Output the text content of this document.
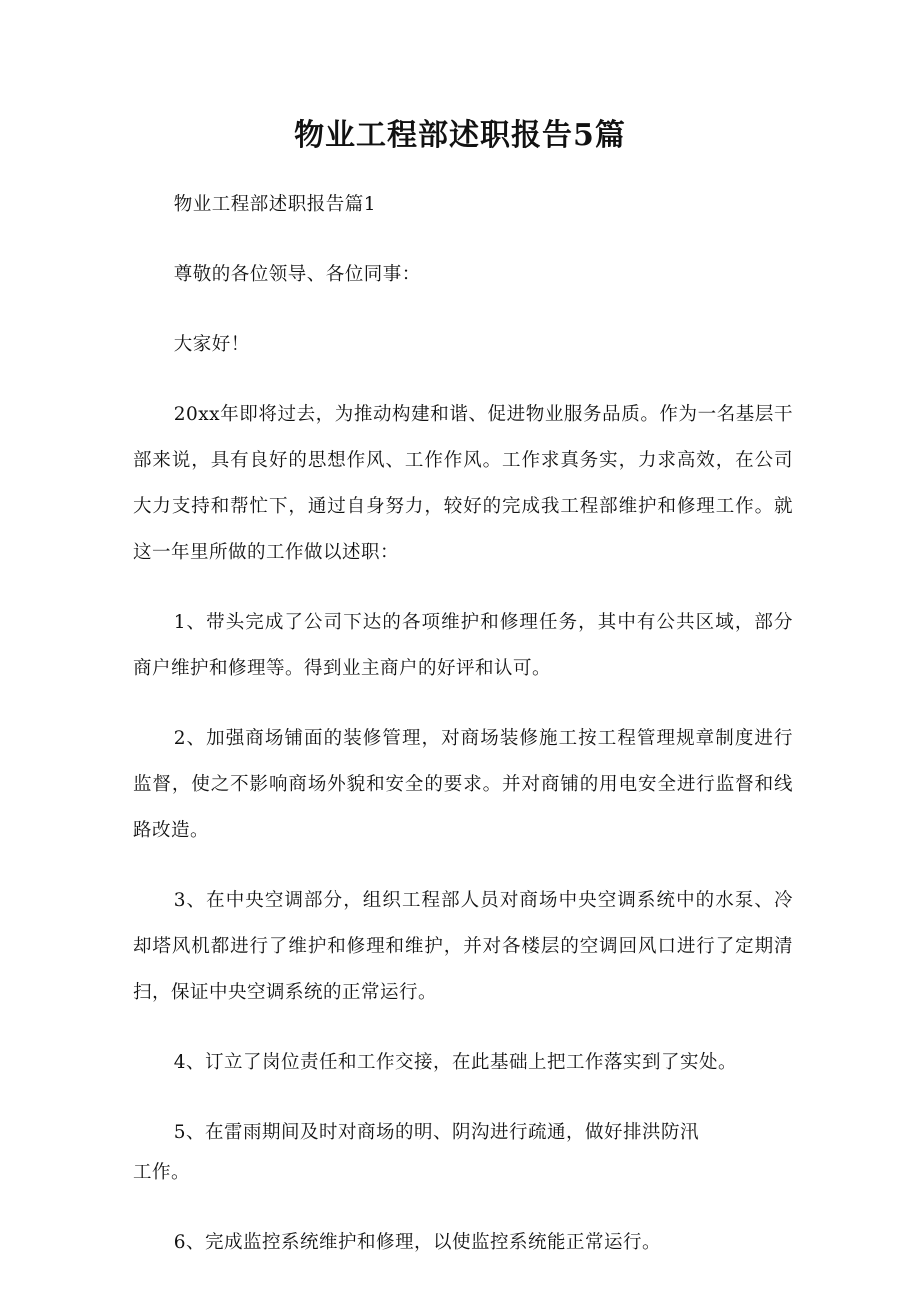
物业工程部述职报告5篇

物业工程部述职报告篇1

尊敬的各位领导、各位同事：

大家好！

20xx年即将过去，为推动构建和谐、促进物业服务品质。作为一名基层干部来说，具有良好的思想作风、工作作风。工作求真务实，力求高效，在公司大力支持和帮忙下，通过自身努力，较好的完成我工程部维护和修理工作。就这一年里所做的工作做以述职：

1、带头完成了公司下达的各项维护和修理任务，其中有公共区域，部分商户维护和修理等。得到业主商户的好评和认可。

2、加强商场铺面的装修管理，对商场装修施工按工程管理规章制度进行监督，使之不影响商场外貌和安全的要求。并对商铺的用电安全进行监督和线路改造。

3、在中央空调部分，组织工程部人员对商场中央空调系统中的水泵、冷却塔风机都进行了维护和修理和维护，并对各楼层的空调回风口进行了定期清扫，保证中央空调系统的正常运行。

4、订立了岗位责任和工作交接，在此基础上把工作落实到了实处。

5、在雷雨期间及时对商场的明、阴沟进行疏通，做好排洪防汛

工作。

6、完成监控系统维护和修理，以使监控系统能正常运行。
